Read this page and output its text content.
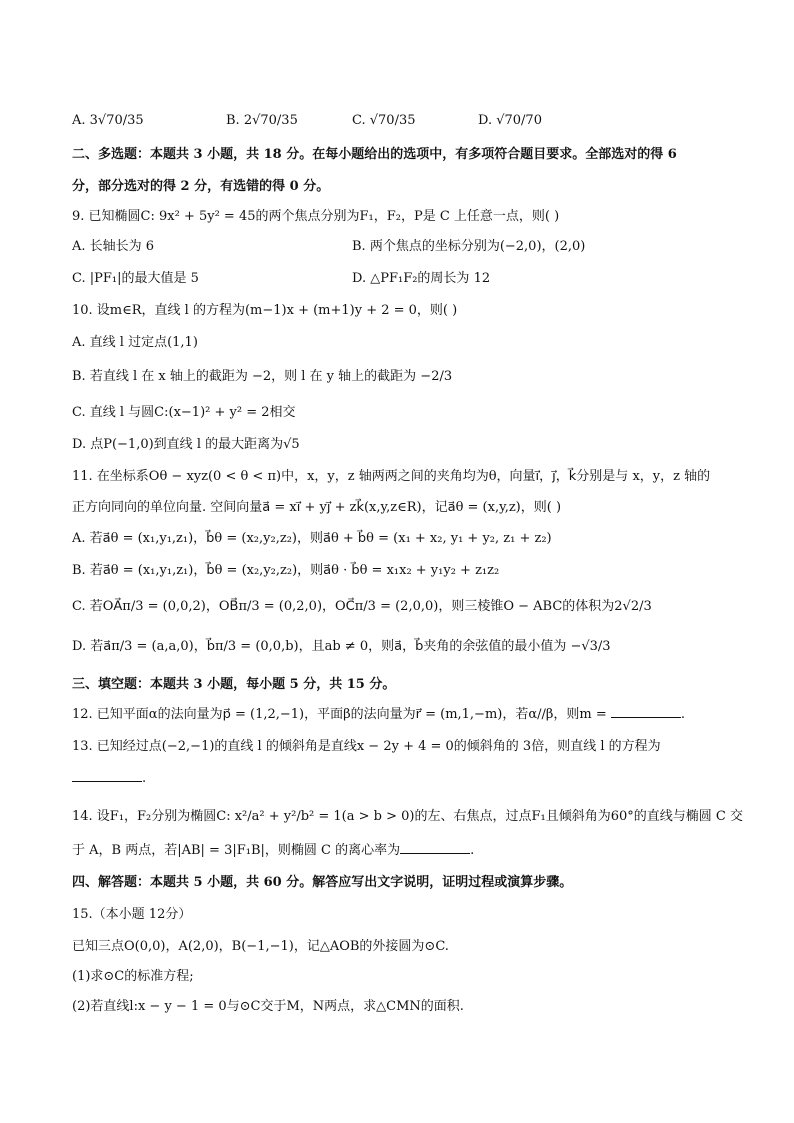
A. 3√70/35	B. 2√70/35	C. √70/35	D. √70/70
二、多选题：本题共 3 小题，共 18 分。在每小题给出的选项中，有多项符合题目要求。全部选对的得 6
分，部分选对的得 2 分，有选错的得 0 分。
9. 已知椭圆C: 9x² + 5y² = 45的两个焦点分别为F₁，F₂，P是 C 上任意一点，则( )
A. 长轴长为 6	B. 两个焦点的坐标分别为(−2,0)，(2,0)
C. |PF₁|的最大值是 5	D. △PF₁F₂的周长为 12
10. 设m∈R，直线 l 的方程为(m−1)x + (m+1)y + 2 = 0，则( )
A. 直线 l 过定点(1,1)
B. 若直线 l 在 x 轴上的截距为 −2，则 l 在 y 轴上的截距为 −2/3
C. 直线 l 与圆C:(x−1)² + y² = 2相交
D. 点P(−1,0)到直线 l 的最大距离为√5
11. 在坐标系Oθ − xyz(0 < θ < π)中，x，y，z 轴两两之间的夹角均为θ，向量i⃗，j⃗，k⃗分别是与 x，y，z 轴的
正方向同向的单位向量. 空间向量a⃗ = xi⃗ + yj⃗ + zk⃗(x,y,z∈R)，记a⃗θ = (x,y,z)，则( )
A. 若a⃗θ = (x₁,y₁,z₁)，b⃗θ = (x₂,y₂,z₂)，则a⃗θ + b⃗θ = (x₁ + x₂, y₁ + y₂, z₁ + z₂)
B. 若a⃗θ = (x₁,y₁,z₁)，b⃗θ = (x₂,y₂,z₂)，则a⃗θ · b⃗θ = x₁x₂ + y₁y₂ + z₁z₂
C. 若OA⃗π/3 = (0,0,2)，OB⃗π/3 = (0,2,0)，OC⃗π/3 = (2,0,0)，则三棱锥O − ABC的体积为2√2/3
D. 若a⃗π/3 = (a,a,0)，b⃗π/3 = (0,0,b)，且ab ≠ 0，则a⃗，b⃗夹角的余弦值的最小值为 −√3/3
三、填空题：本题共 3 小题，每小题 5 分，共 15 分。
12. 已知平面α的法向量为p⃗ = (1,2,−1)，平面β的法向量为r⃗ = (m,1,−m)，若α//β，则m =	.
13. 已知经过点(−2,−1)的直线 l 的倾斜角是直线x − 2y + 4 = 0的倾斜角的 3倍，则直线 l 的方程为
.
14. 设F₁，F₂分别为椭圆C: x²/a² + y²/b² = 1(a > b > 0)的左、右焦点，过点F₁且倾斜角为60°的直线与椭圆 C 交
于 A，B 两点，若|AB| = 3|F₁B|，则椭圆 C 的离心率为	.
四、解答题：本题共 5 小题，共 60 分。解答应写出文字说明，证明过程或演算步骤。
15.（本小题 12分）
已知三点O(0,0)，A(2,0)，B(−1,−1)，记△AOB的外接圆为⊙C.
(1)求⊙C的标准方程;
(2)若直线l:x − y − 1 = 0与⊙C交于M，N两点，求△CMN的面积.
